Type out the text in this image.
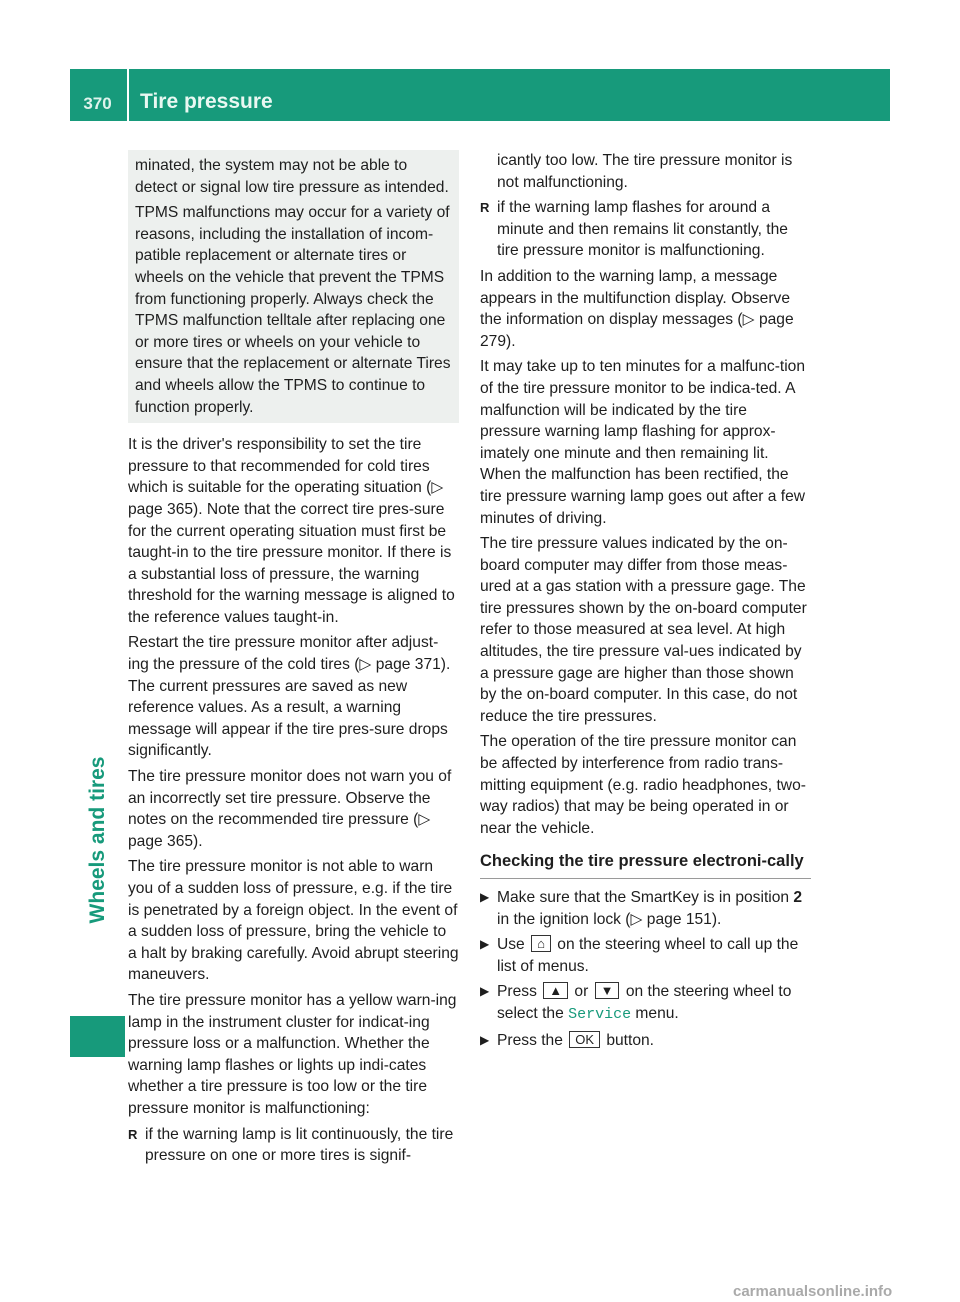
370	Tire pressure
Wheels and tires

minated, the system may not be able to detect or signal low tire pressure as intended.

TPMS malfunctions may occur for a variety of reasons, including the installation of incom-patible replacement or alternate tires or wheels on the vehicle that prevent the TPMS from functioning properly. Always check the TPMS malfunction telltale after replacing one or more tires or wheels on your vehicle to ensure that the replacement or alternate Tires and wheels allow the TPMS to continue to function properly.

It is the driver's responsibility to set the tire pressure to that recommended for cold tires which is suitable for the operating situation (▷ page 365). Note that the correct tire pres-sure for the current operating situation must first be taught-in to the tire pressure monitor. If there is a substantial loss of pressure, the warning threshold for the warning message is aligned to the reference values taught-in.

Restart the tire pressure monitor after adjust-ing the pressure of the cold tires (▷ page 371). The current pressures are saved as new reference values. As a result, a warning message will appear if the tire pres-sure drops significantly.

The tire pressure monitor does not warn you of an incorrectly set tire pressure. Observe the notes on the recommended tire pressure (▷ page 365).

The tire pressure monitor is not able to warn you of a sudden loss of pressure, e.g. if the tire is penetrated by a foreign object. In the event of a sudden loss of pressure, bring the vehicle to a halt by braking carefully. Avoid abrupt steering maneuvers.

The tire pressure monitor has a yellow warn-ing lamp in the instrument cluster for indicat-ing pressure loss or a malfunction. Whether the warning lamp flashes or lights up indi-cates whether a tire pressure is too low or the tire pressure monitor is malfunctioning:

R if the warning lamp is lit continuously, the tire pressure on one or more tires is signif-
icantly too low. The tire pressure monitor is not malfunctioning.
R if the warning lamp flashes for around a minute and then remains lit constantly, the tire pressure monitor is malfunctioning.

In addition to the warning lamp, a message appears in the multifunction display. Observe the information on display messages (▷ page 279).

It may take up to ten minutes for a malfunc-tion of the tire pressure monitor to be indica-ted. A malfunction will be indicated by the tire pressure warning lamp flashing for approx-imately one minute and then remaining lit. When the malfunction has been rectified, the tire pressure warning lamp goes out after a few minutes of driving.

The tire pressure values indicated by the on-board computer may differ from those meas-ured at a gas station with a pressure gage. The tire pressures shown by the on-board computer refer to those measured at sea level. At high altitudes, the tire pressure val-ues indicated by a pressure gage are higher than those shown by the on-board computer. In this case, do not reduce the tire pressures.

The operation of the tire pressure monitor can be affected by interference from radio trans-mitting equipment (e.g. radio headphones, two-way radios) that may be being operated in or near the vehicle.

Checking the tire pressure electroni-cally
▶ Make sure that the SmartKey is in position 2 in the ignition lock (▷ page 151).
▶ Use ⌂ on the steering wheel to call up the list of menus.
▶ Press ▲ or ▼ on the steering wheel to select the Service menu.
▶ Press the OK button.
carmanualsonline.info
